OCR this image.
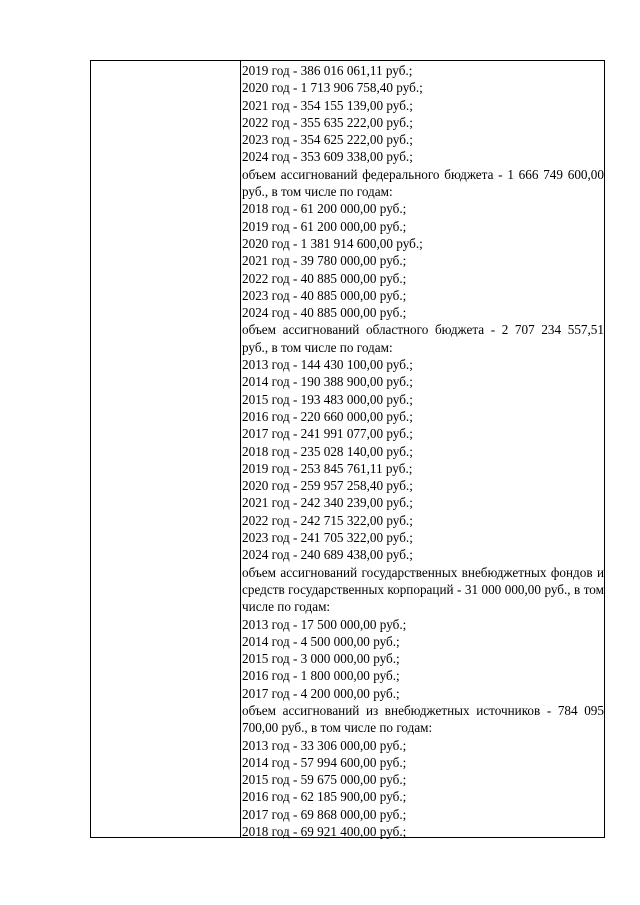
2019 год - 386 016 061,11 руб.;
2020 год - 1 713 906 758,40 руб.;
2021 год - 354 155 139,00 руб.;
2022 год - 355 635 222,00 руб.;
2023 год - 354 625 222,00 руб.;
2024 год - 353 609 338,00 руб.;
объем ассигнований федерального бюджета - 1 666 749 600,00 руб., в том числе по годам:
2018 год - 61 200 000,00 руб.;
2019 год - 61 200 000,00 руб.;
2020 год - 1 381 914 600,00 руб.;
2021 год - 39 780 000,00 руб.;
2022 год - 40 885 000,00 руб.;
2023 год - 40 885 000,00 руб.;
2024 год - 40 885 000,00 руб.;
объем ассигнований областного бюджета - 2 707 234 557,51 руб., в том числе по годам:
2013 год - 144 430 100,00 руб.;
2014 год - 190 388 900,00 руб.;
2015 год - 193 483 000,00 руб.;
2016 год - 220 660 000,00 руб.;
2017 год - 241 991 077,00 руб.;
2018 год - 235 028 140,00 руб.;
2019 год - 253 845 761,11 руб.;
2020 год - 259 957 258,40 руб.;
2021 год - 242 340 239,00 руб.;
2022 год - 242 715 322,00 руб.;
2023 год - 241 705 322,00 руб.;
2024 год - 240 689 438,00 руб.;
объем ассигнований государственных внебюджетных фондов и средств государственных корпораций - 31 000 000,00 руб., в том числе по годам:
2013 год - 17 500 000,00 руб.;
2014 год - 4 500 000,00 руб.;
2015 год - 3 000 000,00 руб.;
2016 год - 1 800 000,00 руб.;
2017 год - 4 200 000,00 руб.;
объем ассигнований из внебюджетных источников - 784 095 700,00 руб., в том числе по годам:
2013 год - 33 306 000,00 руб.;
2014 год - 57 994 600,00 руб.;
2015 год - 59 675 000,00 руб.;
2016 год - 62 185 900,00 руб.;
2017 год - 69 868 000,00 руб.;
2018 год - 69 921 400,00 руб.;
